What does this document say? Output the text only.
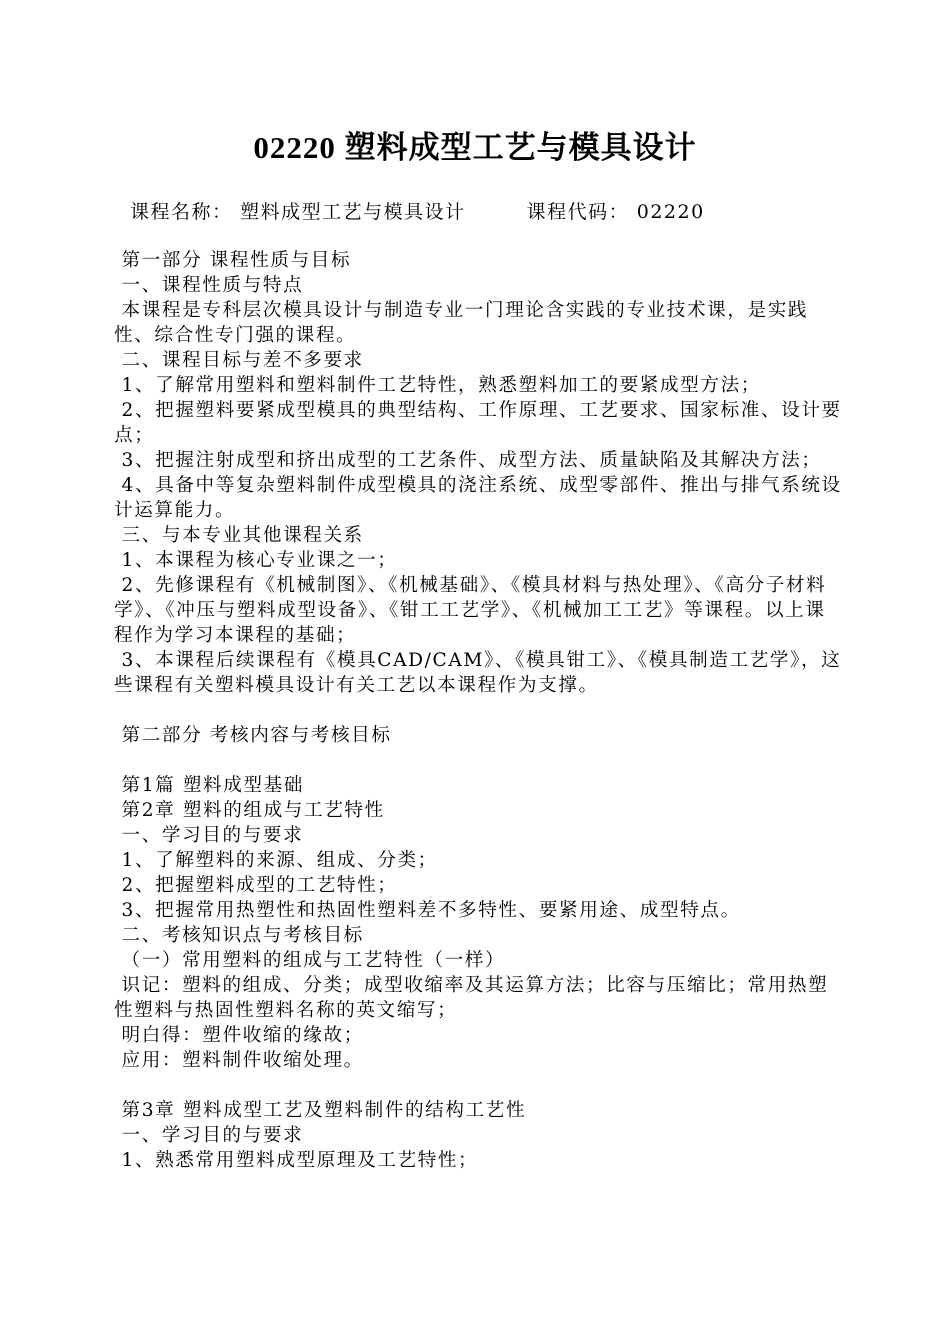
02220 塑料成型工艺与模具设计
课程名称： 塑料成型工艺与模具设计	课程代码： 02220

第一部分 课程性质与目标

一、课程性质与特点

本课程是专科层次模具设计与制造专业一门理论含实践的专业技术课，是实践性、综合性专门强的课程。

二、课程目标与差不多要求

1、了解常用塑料和塑料制件工艺特性，熟悉塑料加工的要紧成型方法；

2、把握塑料要紧成型模具的典型结构、工作原理、工艺要求、国家标准、设计要点；

3、把握注射成型和挤出成型的工艺条件、成型方法、质量缺陷及其解决方法；

4、具备中等复杂塑料制件成型模具的浇注系统、成型零部件、推出与排气系统设计运算能力。

三、与本专业其他课程关系

1、本课程为核心专业课之一；

2、先修课程有《机械制图》、《机械基础》、《模具材料与热处理》、《高分子材料学》、《冲压与塑料成型设备》、《钳工工艺学》、《机械加工工艺》等课程。以上课程作为学习本课程的基础；

3、本课程后续课程有《模具CAD/CAM》、《模具钳工》、《模具制造工艺学》，这些课程有关塑料模具设计有关工艺以本课程作为支撑。

第二部分 考核内容与考核目标

第1篇 塑料成型基础

第2章 塑料的组成与工艺特性

一、学习目的与要求

1、了解塑料的来源、组成、分类；

2、把握塑料成型的工艺特性；

3、把握常用热塑性和热固性塑料差不多特性、要紧用途、成型特点。

二、考核知识点与考核目标

（一）常用塑料的组成与工艺特性（一样）

识记：塑料的组成、分类；成型收缩率及其运算方法；比容与压缩比；常用热塑性塑料与热固性塑料名称的英文缩写；

明白得：塑件收缩的缘故；

应用：塑料制件收缩处理。

第3章 塑料成型工艺及塑料制件的结构工艺性

一、学习目的与要求

1、熟悉常用塑料成型原理及工艺特性；
